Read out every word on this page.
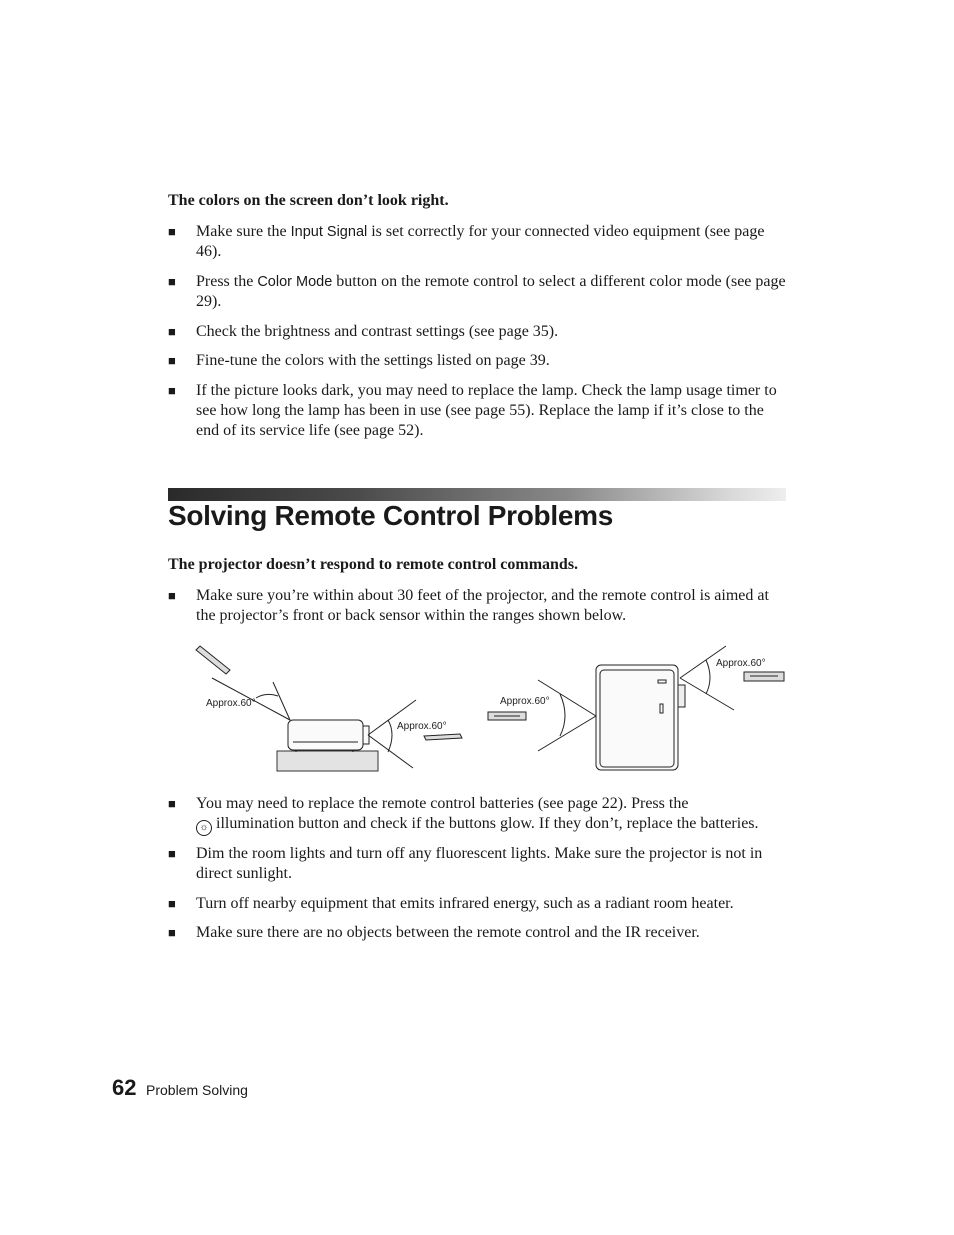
The colors on the screen don’t look right.
■ Make sure the Input Signal is set correctly for your connected video equipment (see page 46).
■ Press the Color Mode button on the remote control to select a different color mode (see page 29).
■ Check the brightness and contrast settings (see page 35).
■ Fine-tune the colors with the settings listed on page 39.
■ If the picture looks dark, you may need to replace the lamp. Check the lamp usage timer to see how long the lamp has been in use (see page 55). Replace the lamp if it’s close to the end of its service life (see page 52).
Solving Remote Control Problems
The projector doesn’t respond to remote control commands.
■ Make sure you’re within about 30 feet of the projector, and the remote control is aimed at the projector’s front or back sensor within the ranges shown below.
Approx.60°
Approx.60°
Approx.60°
Approx.60°
■ You may need to replace the remote control batteries (see page 22). Press the
☼ illumination button and check if the buttons glow. If they don’t, replace the batteries.
■ Dim the room lights and turn off any fluorescent lights. Make sure the projector is not in direct sunlight.
■ Turn off nearby equipment that emits infrared energy, such as a radiant room heater.
■ Make sure there are no objects between the remote control and the IR receiver.
62 Problem Solving
